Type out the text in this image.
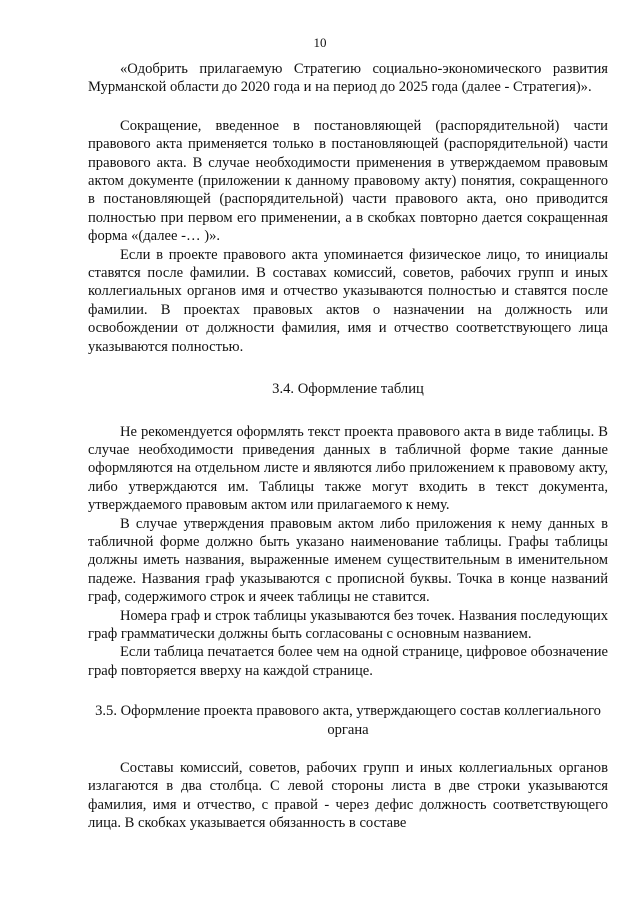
10

«Одобрить прилагаемую Стратегию социально-экономического развития Мурманской области до 2020 года и на период до 2025 года (далее - Стратегия)».

Сокращение, введенное в постановляющей (распорядительной) части правового акта применяется только в постановляющей (распорядительной) части правового акта. В случае необходимости применения в утверждаемом правовым актом документе (приложении к данному правовому акту) понятия, сокращенного в постановляющей (распорядительной) части правового акта, оно приводится полностью при первом его применении, а в скобках повторно дается сокращенная форма «(далее -… )».

Если в проекте правового акта упоминается физическое лицо, то инициалы ставятся после фамилии. В составах комиссий, советов, рабочих групп и иных коллегиальных органов имя и отчество указываются полностью и ставятся после фамилии. В проектах правовых актов о назначении на должность или освобождении от должности фамилия, имя и отчество соответствующего лица указываются полностью.

3.4. Оформление таблиц

Не рекомендуется оформлять текст проекта правового акта в виде таблицы. В случае необходимости приведения данных в табличной форме такие данные оформляются на отдельном листе и являются либо приложением к правовому акту, либо утверждаются им. Таблицы также могут входить в текст документа, утверждаемого правовым актом или прилагаемого к нему.

В случае утверждения правовым актом либо приложения к нему данных в табличной форме должно быть указано наименование таблицы. Графы таблицы должны иметь названия, выраженные именем существительным в именительном падеже. Названия граф указываются с прописной буквы. Точка в конце названий граф, содержимого строк и ячеек таблицы не ставится.

Номера граф и строк таблицы указываются без точек. Названия последующих граф грамматически должны быть согласованы с основным названием.

Если таблица печатается более чем на одной странице, цифровое обозначение граф повторяется вверху на каждой странице.

3.5. Оформление проекта правового акта, утверждающего состав коллегиального органа

Составы комиссий, советов, рабочих групп и иных коллегиальных органов излагаются в два столбца. С левой стороны листа в две строки указываются фамилия, имя и отчество, с правой - через дефис должность соответствующего лица. В скобках указывается обязанность в составе
